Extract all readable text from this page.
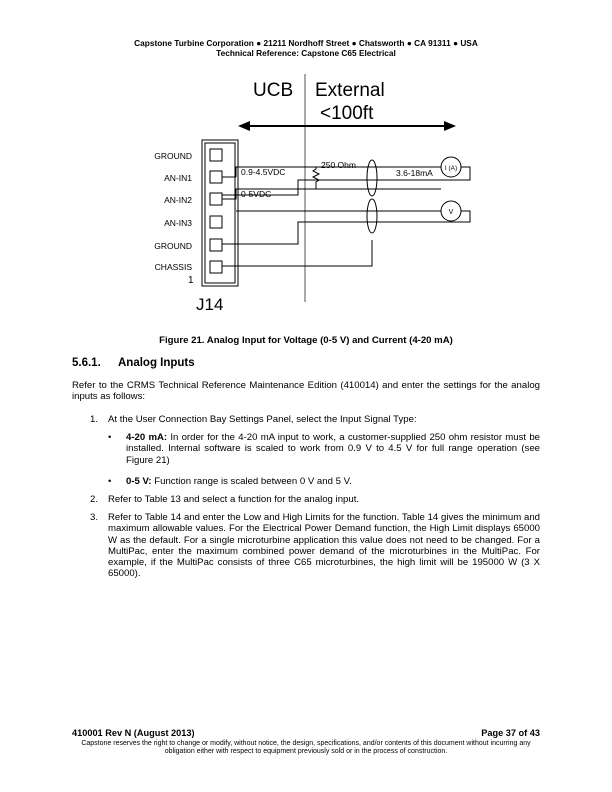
Capstone Turbine Corporation ● 21211 Nordhoff Street ● Chatsworth ● CA 91311 ● USA
Technical Reference: Capstone C65 Electrical
UCB External
<100ft
GROUND
AN-IN1
AN-IN2
AN-IN3
GROUND
CHASSIS
1
J14
250 Ohm
0.9-4.5VDC
0-5VDC
3.6-18mA I (A)
V
Figure 21. Analog Input for Voltage (0-5 V) and Current (4-20 mA)
5.6.1. Analog Inputs
Refer to the CRMS Technical Reference Maintenance Edition (410014) and enter the settings for the analog inputs as follows:
1. At the User Connection Bay Settings Panel, select the Input Signal Type:
• 4-20 mA: In order for the 4-20 mA input to work, a customer-supplied 250 ohm resistor must be installed. Internal software is scaled to work from 0.9 V to 4.5 V for full range operation (see Figure 21)
• 0-5 V: Function range is scaled between 0 V and 5 V.
2. Refer to Table 13 and select a function for the analog input.
3. Refer to Table 14 and enter the Low and High Limits for the function. Table 14 gives the minimum and maximum allowable values. For the Electrical Power Demand function, the High Limit displays 65000 W as the default. For a single microturbine application this value does not need to be changed. For a MultiPac, enter the maximum combined power demand of the microturbines in the MultiPac. For example, if the MultiPac consists of three C65 microturbines, the high limit will be 195000 W (3 X 65000).
410001 Rev N (August 2013)	Page 37 of 43
Capstone reserves the right to change or modify, without notice, the design, specifications, and/or contents of this document without incurring any obligation either with respect to equipment previously sold or in the process of construction.
